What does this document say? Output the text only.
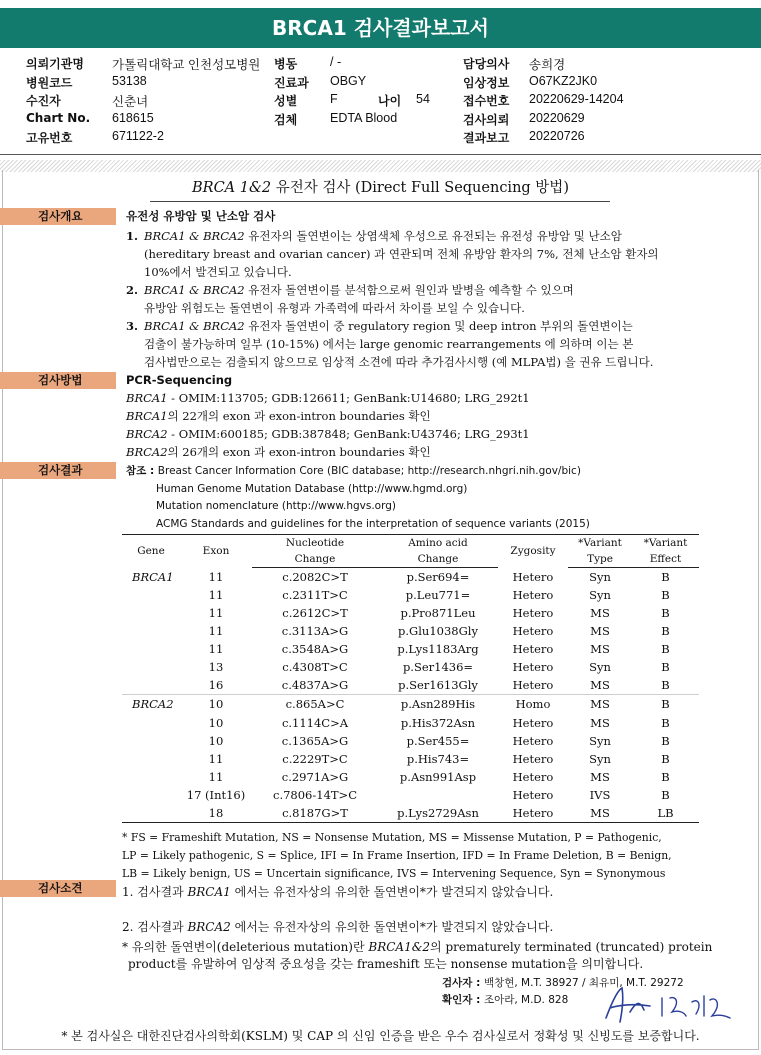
BRCA1 검사결과보고서
의뢰기관명 가톨릭대학교 인천성모병원 병동	/ -	담당의사 송희경
병원코드	53138	진료과 OBGY	임상정보 O67KZ2JK0
수진자	신춘녀	성별	F	나이 54	접수번호 20220629-14204
Chart No. 618615	검체	EDTA Blood	검사의뢰 20220629
고유번호	671122-2	결과보고 20220726
BRCA 1&2 유전자 검사 (Direct Full Sequencing 방법)
검사개요	유전성 유방암 및 난소암 검사
1. BRCA1 & BRCA2 유전자의 돌연변이는 상염색체 우성으로 유전되는 유전성 유방암 및 난소암
(hereditary breast and ovarian cancer) 과 연관되며 전체 유방암 환자의 7%, 전체 난소암 환자의
10%에서 발견되고 있습니다.
2. BRCA1 & BRCA2 유전자 돌연변이를 분석함으로써 원인과 발병을 예측할 수 있으며
유방암 위험도는 돌연변이 유형과 가족력에 따라서 차이를 보일 수 있습니다.
3. BRCA1 & BRCA2 유전자 돌연변이 중 regulatory region 및 deep intron 부위의 돌연변이는
검출이 불가능하며 일부 (10-15%) 에서는 large genomic rearrangements 에 의하며 이는 본
검사법만으로는 검출되지 않으므로 임상적 소견에 따라 추가검사시행 (예 MLPA법) 을 권유 드립니다.
검사방법	PCR-Sequencing
BRCA1 - OMIM:113705; GDB:126611; GenBank:U14680; LRG_292t1
BRCA1의 22개의 exon 과 exon-intron boundaries 확인
BRCA2 - OMIM:600185; GDB:387848; GenBank:U43746; LRG_293t1
BRCA2의 26개의 exon 과 exon-intron boundaries 확인
검사결과	참조 : Breast Cancer Information Core (BIC database; http://research.nhgri.nih.gov/bic)
Human Genome Mutation Database (http://www.hgmd.org)
Mutation nomenclature (http://www.hgvs.org)
ACMG Standards and guidelines for the interpretation of sequence variants (2015)
Gene	Exon	Nucleotide	Amino acid	Zygosity	*Variant	*Variant
		Change	Change		Type	Effect
BRCA1	11	c.2082C>T	p.Ser694=	Hetero	Syn	B
	11	c.2311T>C	p.Leu771=	Hetero	Syn	B
	11	c.2612C>T	p.Pro871Leu	Hetero	MS	B
	11	c.3113A>G	p.Glu1038Gly	Hetero	MS	B
	11	c.3548A>G	p.Lys1183Arg	Hetero	MS	B
	13	c.4308T>C	p.Ser1436=	Hetero	Syn	B
	16	c.4837A>G	p.Ser1613Gly	Hetero	MS	B
BRCA2	10	c.865A>C	p.Asn289His	Homo	MS	B
	10	c.1114C>A	p.His372Asn	Hetero	MS	B
	10	c.1365A>G	p.Ser455=	Hetero	Syn	B
	11	c.2229T>C	p.His743=	Hetero	Syn	B
	11	c.2971A>G	p.Asn991Asp	Hetero	MS	B
	17 (Int16)	c.7806-14T>C		Hetero	IVS	B
	18	c.8187G>T	p.Lys2729Asn	Hetero	MS	LB
* FS = Frameshift Mutation, NS = Nonsense Mutation, MS = Missense Mutation, P = Pathogenic,
LP = Likely pathogenic, S = Splice, IFI = In Frame Insertion, IFD = In Frame Deletion, B = Benign,
LB = Likely benign, US = Uncertain significance, IVS = Intervening Sequence, Syn = Synonymous
검사소견	1. 검사결과 BRCA1 에서는 유전자상의 유의한 돌연변이*가 발견되지 않았습니다.
2. 검사결과 BRCA2 에서는 유전자상의 유의한 돌연변이*가 발견되지 않았습니다.
* 유의한 돌연변이(deleterious mutation)란 BRCA1&2의 prematurely terminated (truncated) protein
product를 유발하여 임상적 중요성을 갖는 frameshift 또는 nonsense mutation을 의미합니다.
검사자 : 백창현, M.T. 38927 / 최유미, M.T. 29272
확인자 : 조아라, M.D. 828
* 본 검사실은 대한진단검사의학회(KSLM) 및 CAP 의 신임 인증을 받은 우수 검사실로서 정확성 및 신빙도를 보증합니다.
